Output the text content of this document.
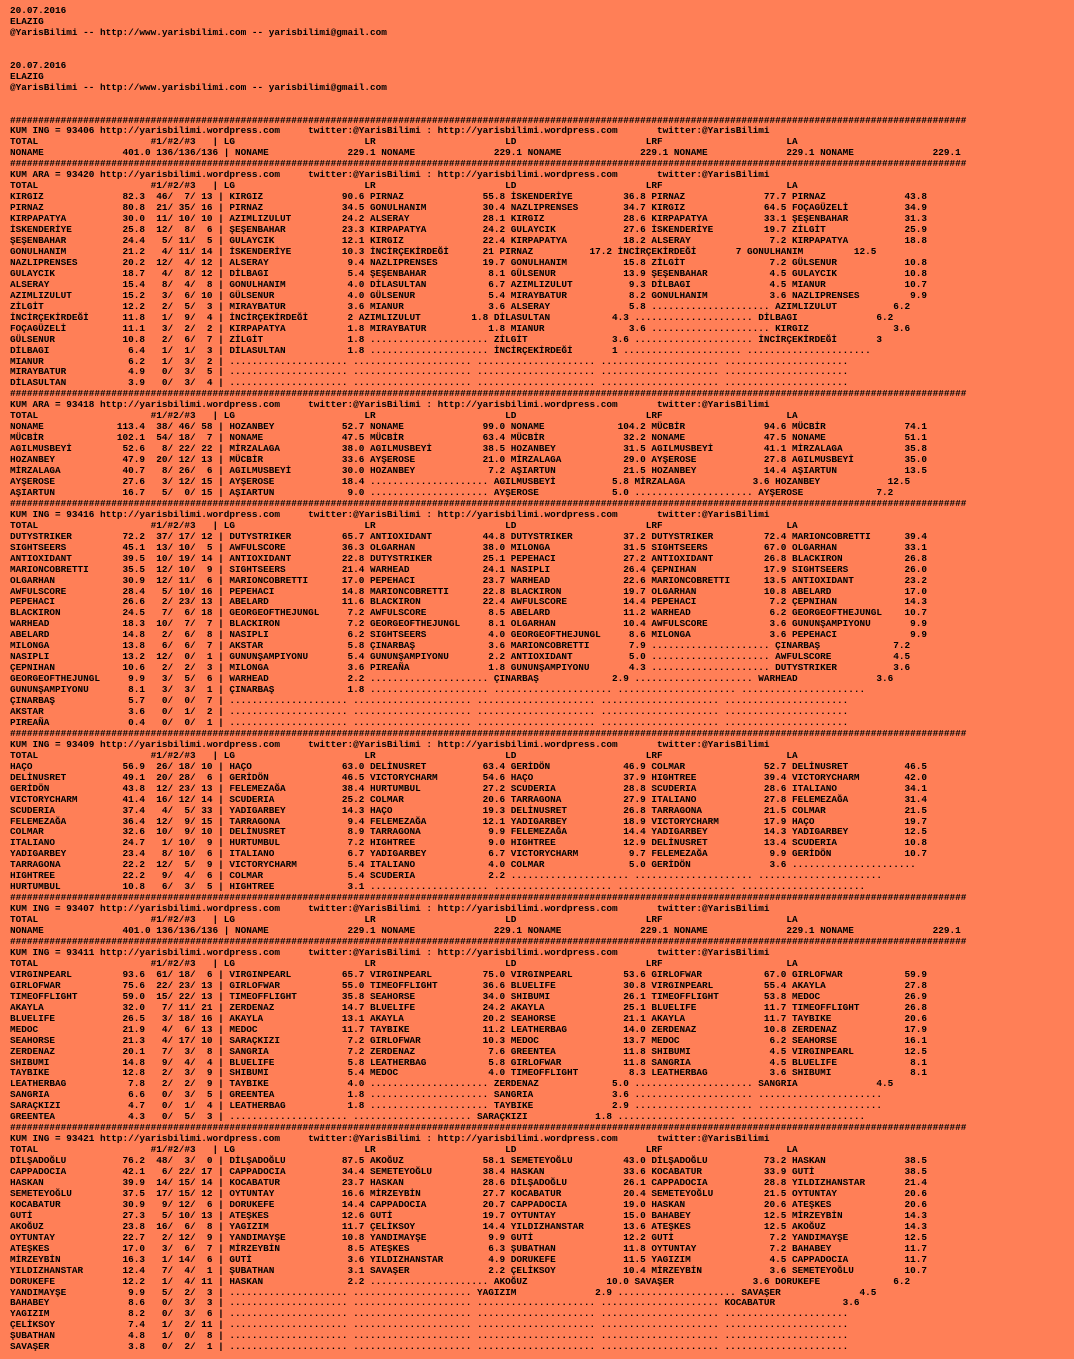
20.07.2016
ELAZIG
@YarisBilimi -- http://www.yarisbilimi.com -- yarisbilimi@gmail.com

20.07.2016
ELAZIG
@YarisBilimi -- http://www.yarisbilimi.com -- yarisbilimi@gmail.com

##########################################################################################################################################################################
KUM ING = 93406 http://yarisbilimi.wordpress.com     twitter:@YarisBilimi : http://yarisbilimi.wordpress.com       twitter:@YarisBilimi
TOTAL                    #1/#2/#3   | LG                       LR                       LD                       LRF                      LA
NONAME              401.0 136/136/136 | NONAME              229.1 NONAME              229.1 NONAME              229.1 NONAME              229.1 NONAME              229.1
##########################################################################################################################################################################
KUM ARA = 93420 http://yarisbilimi.wordpress.com     twitter:@YarisBilimi : http://yarisbilimi.wordpress.com       twitter:@YarisBilimi
TOTAL                    #1/#2/#3   | LG                       LR                       LD                       LRF                      LA
KIRGIZ              82.3  46/  7/ 13 | KIRGIZ              90.6 PIRNAZ              55.8 İSKENDERİYE         36.8 PIRNAZ              77.7 PIRNAZ              43.8
PIRNAZ              80.8  21/ 35/ 16 | PIRNAZ              34.5 GONULHANIM          30.4 NAZLIPRENSES        34.7 KIRGIZ              64.5 FOÇAGÜZELİ          34.9
KIRPAPATYA          30.0  11/ 10/ 10 | AZIMLIZULUT         24.2 ALSERAY             28.1 KIRGIZ              28.6 KIRPAPATYA          33.1 ŞEŞENBAHAR          31.3
İSKENDERİYE         25.8  12/  8/  6 | ŞEŞENBAHAR          23.3 KIRPAPATYA          24.2 GULAYCIK            27.6 İSKENDERİYE         19.7 ZİLGİT              25.9
ŞEŞENBAHAR          24.4   5/ 11/  5 | GULAYCIK            12.1 KIRGIZ              22.4 KIRPAPATYA          18.2 ALSERAY              7.2 KIRPAPATYA          18.8
GONULHANIM          21.2   4/ 11/ 14 | İSKENDERİYE         10.3 İNCİRÇEKİRDEĞİ      21 PIRNAZ          17.2 İNCİRÇEKİRDEĞİ       7 GONULHANIM         12.5
NAZLIPRENSES        20.2  12/  4/ 12 | ALSERAY              9.4 NAZLIPRENSES        19.7 GONULHANIM          15.8 ZİLGİT               7.2 GÜLSENUR            10.8
GULAYCIK            18.7   4/  8/ 12 | DİLBAGI              5.4 ŞEŞENBAHAR           8.1 GÜLSENUR            13.9 ŞEŞENBAHAR           4.5 GULAYCIK            10.8
ALSERAY             15.4   8/  4/  8 | GONULHANIM           4.0 DİLASULTAN           6.7 AZIMLIZULUT          9.3 DİLBAGI              4.5 MIANUR              10.7
AZIMLIZULUT         15.2   3/  6/ 10 | GÜLSENUR             4.0 GÜLSENUR             5.4 MIRAYBATUR           8.2 GONULHANIM           3.6 NAZLIPRENSES         9.9
ZİLGİT              12.2   2/  5/  3 | MIRAYBATUR           3.6 MIANUR               3.6 ALSERAY              5.8 ..................... AZIMLIZULUT          6.2
İNCİRÇEKİRDEĞİ      11.8   1/  9/  4 | İNCİRÇEKİRDEĞİ       2 AZIMLIZULUT         1.8 DİLASULTAN           4.3 ..................... DİLBAGI              6.2
FOÇAGÜZELİ          11.1   3/  2/  2 | KIRPAPATYA           1.8 MIRAYBATUR           1.8 MIANUR               3.6 ..................... KIRGIZ               3.6
GÜLSENUR            10.8   2/  6/  7 | ZİLGİT               1.8 ..................... ZİLGİT               3.6 ..................... İNCİRÇEKİRDEĞİ       3
DİLBAGI              6.4   1/  1/  3 | DİLASULTAN           1.8 ..................... İNCİRÇEKİRDEĞİ       1 ..................... ......................
MIANUR               6.2   1/  3/  2 | ..................... ..................... ..................... ..................... ......................
MIRAYBATUR           4.9   0/  3/  5 | ..................... ..................... ..................... ..................... ......................
DİLASULTAN           3.9   0/  3/  4 | ..................... ..................... ..................... ..................... ......................
##########################################################################################################################################################################
KUM ARA = 93418 http://yarisbilimi.wordpress.com     twitter:@YarisBilimi : http://yarisbilimi.wordpress.com       twitter:@YarisBilimi
TOTAL                    #1/#2/#3   | LG                       LR                       LD                       LRF                      LA
NONAME             113.4  38/ 46/ 58 | HOZANBEY            52.7 NONAME              99.0 NONAME             104.2 MÜCBİR              94.6 MÜCBİR              74.1
MÜCBİR             102.1  54/ 18/  7 | NONAME              47.5 MÜCBİR              63.4 MÜCBİR              32.2 NONAME              47.5 NONAME              51.1
AGILMUSBEYİ         52.6   8/ 22/ 22 | MİRZALAGA           38.0 AGILMUSBEYİ         38.5 HOZANBEY            31.5 AGILMUSBEYİ         41.1 MİRZALAGA           35.8
HOZANBEY            47.9  20/ 12/ 13 | MÜCBİR              33.6 AYŞEROSE            21.0 MİRZALAGA           29.0 AYŞEROSE            27.8 AGILMUSBEYİ         35.0
MİRZALAGA           40.7   8/ 26/  6 | AGILMUSBEYİ         30.0 HOZANBEY             7.2 AŞIARTUN            21.5 HOZANBEY            14.4 AŞIARTUN            13.5
AYŞEROSE            27.6   3/ 12/ 15 | AYŞEROSE            18.4 ..................... AGILMUSBEYİ          5.8 MİRZALAGA            3.6 HOZANBEY            12.5
AŞIARTUN            16.7   5/  0/ 15 | AŞIARTUN             9.0 ..................... AYŞEROSE             5.0 ..................... AYŞEROSE             7.2
##########################################################################################################################################################################
KUM ING = 93416 http://yarisbilimi.wordpress.com     twitter:@YarisBilimi : http://yarisbilimi.wordpress.com       twitter:@YarisBilimi
TOTAL                    #1/#2/#3   | LG                       LR                       LD                       LRF                      LA
DUTYSTRIKER         72.2  37/ 17/ 12 | DUTYSTRIKER         65.7 ANTIOXIDANT         44.8 DUTYSTRIKER         37.2 DUTYSTRIKER         72.4 MARIONCOBRETTI      39.4
SIGHTSEERS          45.1  13/ 10/  5 | AWFULSCORE          36.3 OLGARHAN            38.0 MILONGA             31.5 SIGHTSEERS          67.0 OLGARHAN            33.1
ANTIOXIDANT         39.5  10/ 19/ 14 | ANTIOXIDANT         22.8 DUTYSTRIKER         25.1 PEPEHACI            27.2 ANTIOXIDANT         26.8 BLACKIRON           26.8
MARIONCOBRETTI      35.5  12/ 10/  9 | SIGHTSEERS          21.4 WARHEAD             24.1 NASIPLI             26.4 ÇEPNIHAN            17.9 SIGHTSEERS          26.0
OLGARHAN            30.9  12/ 11/  6 | MARIONCOBRETTI      17.0 PEPEHACI            23.7 WARHEAD             22.6 MARIONCOBRETTI      13.5 ANTIOXIDANT         23.2
AWFULSCORE          28.4   5/ 10/ 16 | PEPEHACI            14.8 MARIONCOBRETTI      22.8 BLACKIRON           19.7 OLGARHAN            10.8 ABELARD             17.0
PEPEHACI            26.6   2/ 23/ 13 | ABELARD             11.6 BLACKIRON           22.4 AWFULSCORE          14.4 PEPEHACI             7.2 ÇEPNIHAN            14.3
BLACKIRON           24.5   7/  6/ 18 | GEORGEOFTHEJUNGL     7.2 AWFULSCORE           8.5 ABELARD             11.2 WARHEAD              6.2 GEORGEOFTHEJUNGL    10.7
WARHEAD             18.3  10/  7/  7 | BLACKIRON            7.2 GEORGEOFTHEJUNGL     8.1 OLGARHAN            10.4 AWFULSCORE           3.6 GUNUNŞAMPIYONU       9.9
ABELARD             14.8   2/  6/  8 | NASIPLI              6.2 SIGHTSEERS           4.0 GEORGEOFTHEJUNGL     8.6 MILONGA              3.6 PEPEHACI             9.9
MILONGA             13.8   6/  6/  7 | AKSTAR               5.8 ÇINARBAŞ             3.6 MARIONCOBRETTI       7.9 ..................... ÇINARBAŞ             7.2
NASIPLI             13.2  12/  0/  1 | GUNUNŞAMPIYONU       5.4 GUNUNŞAMPIYONU       2.2 ANTIOXIDANT          5.0 ..................... AWFULSCORE           4.5
ÇEPNIHAN            10.6   2/  2/  3 | MILONGA              3.6 PIREAÑA              1.8 GUNUNŞAMPIYONU       4.3 ..................... DUTYSTRIKER          3.6
GEORGEOFTHEJUNGL     9.9   3/  5/  6 | WARHEAD              2.2 ..................... ÇINARBAŞ             2.9 ..................... WARHEAD              3.6
GUNUNŞAMPIYONU       8.1   3/  3/  1 | ÇINARBAŞ             1.8 ..................... ..................... ..................... ......................
ÇINARBAŞ             5.7   0/  0/  7 | ..................... ..................... ..................... ..................... ......................
AKSTAR               3.6   0/  1/  2 | ..................... ..................... ..................... ..................... ......................
PIREAÑA              0.4   0/  0/  1 | ..................... ..................... ..................... ..................... ......................
##########################################################################################################################################################################
KUM ING = 93409 http://yarisbilimi.wordpress.com     twitter:@YarisBilimi : http://yarisbilimi.wordpress.com       twitter:@YarisBilimi
TOTAL                    #1/#2/#3   | LG                       LR                       LD                       LRF                      LA
HAÇO                56.9  26/ 18/ 10 | HAÇO                63.0 DELİNUSRET          63.4 GERİDÖN             46.9 COLMAR              52.7 DELİNUSRET          46.5
DELİNUSRET          49.1  20/ 28/  6 | GERİDÖN             46.5 VICTORYCHARM        54.6 HAÇO                37.9 HIGHTREE            39.4 VICTORYCHARM        42.0
GERİDÖN             43.8  12/ 23/ 13 | FELEMEZAĞA          38.4 HURTUMBUL           27.2 SCUDERIA            28.8 SCUDERIA            28.6 ITALIANO            34.1
VICTORYCHARM        41.4  16/ 12/ 14 | SCUDERIA            25.2 COLMAR              20.6 TARRAGONA           27.9 ITALIANO            27.8 FELEMEZAĞA          31.4
SCUDERIA            37.4   4/  5/ 33 | YADIGARBEY          14.3 HAÇO                19.3 DELİNUSRET          26.8 TARRAGONA           21.5 COLMAR              21.5
FELEMEZAĞA          36.4  12/  9/ 15 | TARRAGONA            9.4 FELEMEZAĞA          12.1 YADIGARBEY          18.9 VICTORYCHARM        17.9 HAÇO                19.7
COLMAR              32.6  10/  9/ 10 | DELİNUSRET           8.9 TARRAGONA            9.9 FELEMEZAĞA          14.4 YADIGARBEY          14.3 YADIGARBEY          12.5
ITALIANO            24.7   1/ 10/  9 | HURTUMBUL            7.2 HIGHTREE             9.0 HIGHTREE            12.9 DELİNUSRET          13.4 SCUDERIA            10.8
YADIGARBEY          23.4   8/ 10/  6 | ITALIANO             6.7 YADIGARBEY           6.7 VICTORYCHARM         9.7 FELEMEZAĞA           9.9 GERİDÖN             10.7
TARRAGONA           22.2  12/  5/  9 | VICTORYCHARM         5.4 ITALIANO             4.0 COLMAR               5.0 GERİDÖN              3.6 ......................
HIGHTREE            22.2   9/  4/  6 | COLMAR               5.4 SCUDERIA             2.2 ..................... ..................... ......................
HURTUMBUL           10.8   6/  3/  5 | HIGHTREE             3.1 ..................... ..................... ..................... ......................
##########################################################################################################################################################################
KUM ING = 93407 http://yarisbilimi.wordpress.com     twitter:@YarisBilimi : http://yarisbilimi.wordpress.com       twitter:@YarisBilimi
TOTAL                    #1/#2/#3   | LG                       LR                       LD                       LRF                      LA
NONAME              401.0 136/136/136 | NONAME              229.1 NONAME              229.1 NONAME              229.1 NONAME              229.1 NONAME              229.1
##########################################################################################################################################################################
KUM ING = 93411 http://yarisbilimi.wordpress.com     twitter:@YarisBilimi : http://yarisbilimi.wordpress.com       twitter:@YarisBilimi
TOTAL                    #1/#2/#3   | LG                       LR                       LD                       LRF                      LA
VIRGINPEARL         93.6  61/ 18/  6 | VIRGINPEARL         65.7 VIRGINPEARL         75.0 VIRGINPEARL         53.6 GIRLOFWAR           67.0 GIRLOFWAR           59.9
GIRLOFWAR           75.6  22/ 23/ 13 | GIRLOFWAR           55.0 TIMEOFFLIGHT        36.6 BLUELIFE            30.8 VIRGINPEARL         55.4 AKAYLA              27.8
TIMEOFFLIGHT        59.0  15/ 22/ 13 | TIMEOFFLIGHT        35.8 SEAHORSE            34.0 SHIBUMI             26.1 TIMEOFFLIGHT        53.8 MEDOC               26.9
AKAYLA              32.0   7/ 11/ 21 | ZERDENAZ            14.7 BLUELIFE            24.2 AKAYLA              25.1 BLUELIFE            11.7 TIMEOFFLIGHT        26.8
BLUELIFE            26.5   3/ 18/ 16 | AKAYLA              13.1 AKAYLA              20.2 SEAHORSE            21.1 AKAYLA              11.7 TAYBIKE             20.6
MEDOC               21.9   4/  6/ 13 | MEDOC               11.7 TAYBIKE             11.2 LEATHERBAG          14.0 ZERDENAZ            10.8 ZERDENAZ            17.9
SEAHORSE            21.3   4/ 17/ 10 | SARAÇKIZI            7.2 GIRLOFWAR           10.3 MEDOC               13.7 MEDOC                6.2 SEAHORSE            16.1
ZERDENAZ            20.1   7/  3/  8 | SANGRIA              7.2 ZERDENAZ             7.6 GREENTEA            11.8 SHIBUMI              4.5 VIRGINPEARL         12.5
SHIBUMI             14.8   9/  4/  4 | BLUELIFE             5.8 LEATHERBAG           5.8 GIRLOFWAR           11.8 SANGRIA              4.5 BLUELIFE             8.1
TAYBIKE             12.8   2/  3/  9 | SHIBUMI              5.4 MEDOC                4.0 TIMEOFFLIGHT         8.3 LEATHERBAG           3.6 SHIBUMI              8.1
LEATHERBAG           7.8   2/  2/  9 | TAYBIKE              4.0 ..................... ZERDENAZ             5.0 ..................... SANGRIA              4.5
SANGRIA              6.6   0/  3/  5 | GREENTEA             1.8 ..................... SANGRIA              3.6 ..................... ......................
SARAÇKIZI            4.7   0/  1/  4 | LEATHERBAG           1.8 ..................... TAYBIKE              2.9 ..................... ......................
GREENTEA             4.3   0/  5/  3 | ..................... ..................... SARAÇKIZI            1.8 ..................... ......................
##########################################################################################################################################################################
KUM ING = 93421 http://yarisbilimi.wordpress.com     twitter:@YarisBilimi : http://yarisbilimi.wordpress.com       twitter:@YarisBilimi
TOTAL                    #1/#2/#3   | LG                       LR                       LD                       LRF                      LA
DİLŞADOĞLU          76.2  48/  3/  0 | DİLŞADOĞLU          87.5 AKOĞUZ              58.1 SEMETEYOĞLU         43.0 DİLŞADOĞLU          73.2 HASKAN              38.5
CAPPADOCIA          42.1   6/ 22/ 17 | CAPPADOCIA          34.4 SEMETEYOĞLU         38.4 HASKAN              33.6 KOCABATUR           33.9 GUTİ                38.5
HASKAN              39.9  14/ 15/ 14 | KOCABATUR           23.7 HASKAN              28.6 DİLŞADOĞLU          26.1 CAPPADOCIA          28.8 YILDIZHANSTAR       21.4
SEMETEYOĞLU         37.5  17/ 15/ 12 | OYTUNTAY            16.6 MİRZEYBİN           27.7 KOCABATUR           20.4 SEMETEYOĞLU         21.5 OYTUNTAY            20.6
KOCABATUR           30.9   9/ 12/  6 | DORUKEFE            14.4 CAPPADOCIA          20.7 CAPPADOCIA          19.0 HASKAN              20.6 ATEŞKES             20.6
GUTİ                27.3   5/ 10/ 13 | ATEŞKES             12.6 GUTİ                19.7 OYTUNTAY            15.0 BAHABEY             12.5 MİRZEYBİN           14.3
AKOĞUZ              23.8  16/  6/  8 | YAGIZIM             11.7 ÇELİKSOY            14.4 YILDIZHANSTAR       13.6 ATEŞKES             12.5 AKOĞUZ              14.3
OYTUNTAY            22.7   2/ 12/  9 | YANDIMAYŞE          10.8 YANDIMAYŞE           9.9 GUTİ                12.2 GUTİ                 7.2 YANDIMAYŞE          12.5
ATEŞKES             17.0   3/  6/  7 | MİRZEYBİN            8.5 ATEŞKES              6.3 ŞUBATHAN            11.8 OYTUNTAY             7.2 BAHABEY             11.7
MİRZEYBİN           16.3   1/ 14/  6 | GUTİ                 3.6 YILDIZHANSTAR        4.9 DORUKEFE            11.5 YAGIZIM              4.5 CAPPADOCIA          11.7
YILDIZHANSTAR       12.4   7/  4/  1 | ŞUBATHAN             3.1 SAVAŞER              2.2 ÇELİKSOY            10.4 MİRZEYBİN            3.6 SEMETEYOĞLU         10.7
DORUKEFE            12.2   1/  4/ 11 | HASKAN               2.2 ..................... AKOĞUZ              10.0 SAVAŞER              3.6 DORUKEFE             6.2
YANDIMAYŞE           9.9   5/  2/  3 | ..................... ..................... YAGIZIM              2.9 ..................... SAVAŞER              4.5
BAHABEY              8.6   0/  3/  3 | ..................... ..................... ..................... ..................... KOCABATUR            3.6
YAGIZIM              8.2   0/  3/  6 | ..................... ..................... ..................... ..................... ......................
ÇELİKSOY             7.4   1/  2/ 11 | ..................... ..................... ..................... ..................... ......................
ŞUBATHAN             4.8   1/  0/  8 | ..................... ..................... ..................... ..................... ......................
SAVAŞER              3.8   0/  2/  1 | ..................... ..................... ..................... ..................... ......................
